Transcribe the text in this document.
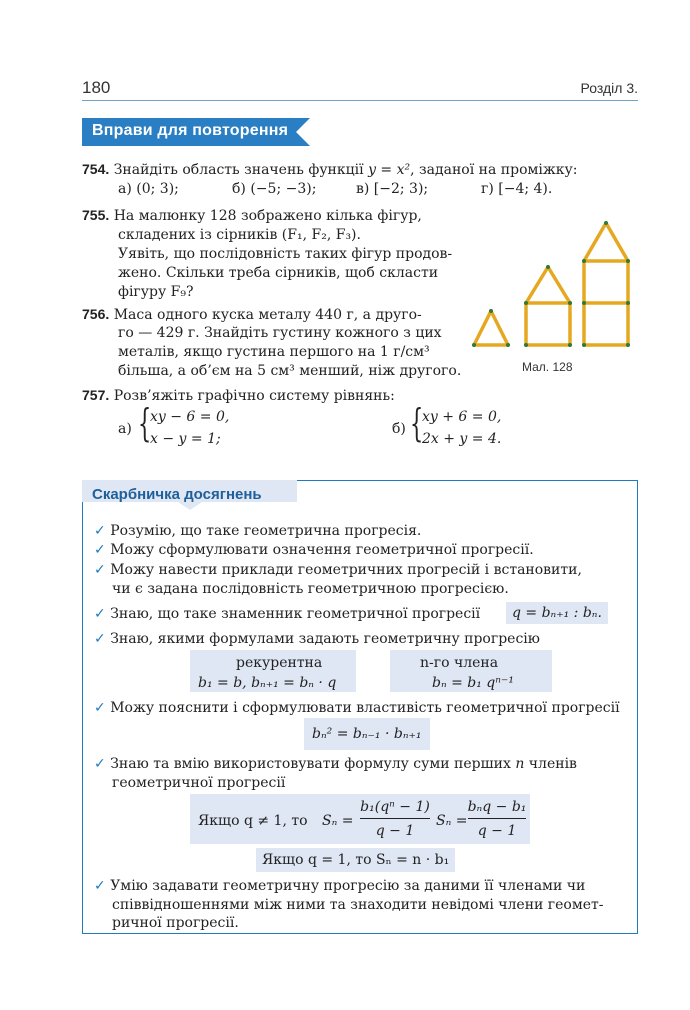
180	Розділ 3.
Вправи для повторення
754. Знайдіть область значень функції y = x², заданої на проміжку:
а) (0; 3);	б) (−5; −3);	в) [−2; 3);	г) [−4; 4).
755. На малюнку 128 зображено кілька фігур,
складених із сірників (F₁, F₂, F₃).
Уявіть, що послідовність таких фігур продов-
жено. Скільки треба сірників, щоб скласти
фігуру F₉?
756. Маса одного куска металу 440 г, а друго-
го — 429 г. Знайдіть густину кожного з цих
металів, якщо густина першого на 1 г/см³
більша, а об’єм на 5 см³ менший, ніж другого.	Мал. 128
757. Розв’яжіть графічно систему рівнянь:
а) {
xy − 6 = 0,
x − y = 1;
б) {
xy + 6 = 0,
2x + y = 4.
Скарбничка досягнень
✓ Розумію, що таке геометрична прогресія.
✓ Можу сформулювати означення геометричної прогресії.
✓ Можу навести приклади геометричних прогресій і встановити,
чи є задана послідовність геометричною прогресією.
✓ Знаю, що таке знаменник геометричної прогресії	q = bₙ₊₁ : bₙ.
✓ Знаю, якими формулами задають геометричну прогресію
рекурентна
b₁ = b, bₙ₊₁ = bₙ · q
n-го члена
bₙ = b₁ qⁿ⁻¹
✓ Можу пояснити і сформулювати властивість геометричної прогресії
bₙ² = bₙ₋₁ · bₙ₊₁
✓ Знаю та вмію використовувати формулу суми перших n членів
геометричної прогресії
Якщо q ≠ 1, то Sₙ =
b₁(qⁿ − 1)
q − 1
Sₙ =
bₙq − b₁
q − 1
Якщо q = 1, то Sₙ = n · b₁
✓ Умію задавати геометричну прогресію за даними її членами чи
співвідношеннями між ними та знаходити невідомі члени геомет-
ричної прогресії.
